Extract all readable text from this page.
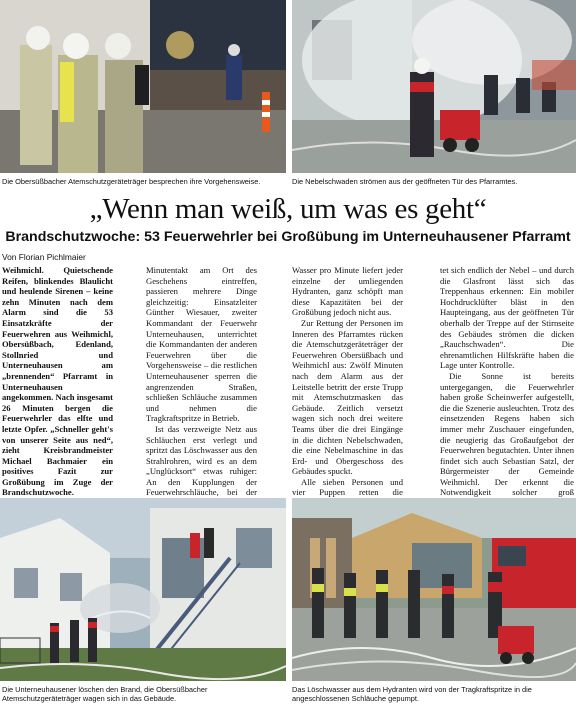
Die Obersüßbacher Atemschutzgeräteträger besprechen ihre Vorgehensweise.	Die Nebelschwaden strömen aus der geöffneten Tür des Pfarramtes.
„Wenn man weiß, um was es geht“
Brandschutzwoche: 53 Feuerwehrler bei Großübung im Unterneuhausener Pfarramt
Von Florian Pichlmaier

Weihmichl. Quietschende Reifen, blinkendes Blaulicht und heulende Sirenen – keine zehn Minuten nach dem Alarm sind die 53 Einsatzkräfte der Feuerwehren aus Weihmichl, Obersüßbach, Edenland, Stollnried und Unterneuhausen am „brennenden“ Pfarramt in Unterneuhausen angekommen. Nach insgesamt 26 Minuten bergen die Feuerwehrler das elfte und letzte Opfer. „Schneller geht's von unserer Seite aus ned“, zieht Kreisbrandmeister Michael Bachmaier ein positives Fazit zur Großübung im Zuge der Brandschutzwoche.

Minutentakt am Ort des Geschehens eintreffen, passieren mehrere Dinge gleichzeitig: Einsatzleiter Günther Wiesauer, zweiter Kommandant der Feuerwehr Unterneuhausen, unterrichtet die Kommandanten der anderen Feuerwehren über die Vorgehensweise – die restlichen Unterneuhausener sperren die angrenzenden Straßen, schließen Schläuche zusammen und nehmen die Tragkraftspritze in Betrieb.

Ist das verzweigte Netz aus Schläuchen erst verlegt und spritzt das Löschwasser aus den Strahlrohren, wird es an dem „Unglücksort“ etwas ruhiger: An den Kupplungen der Feuerwehrschläuche, bei der

Wasser pro Minute liefert jeder einzelne der umliegenden Hydranten, ganz schöpft man diese Kapazitäten bei der Großübung jedoch nicht aus.

Zur Rettung der Personen im Inneren des Pfarramtes rücken die Atemschutzgeräteträger der Feuerwehren Obersüßbach und Weihmichl aus: Zwölf Minuten nach dem Alarm aus der Leitstelle betritt der erste Trupp mit Atemschutzmasken das Gebäude. Zeitlich versetzt wagen sich noch drei weitere Teams über die drei Eingänge in die dichten Nebelschwaden, die eine Nebelmaschine in das Erd- und Obergeschoss des Gebäudes spuckt.

Alle sieben Personen und vier Puppen retten die

tet sich endlich der Nebel – und durch die Glasfront lässt sich das Treppenhaus erkennen: Ein mobiler Hochdrucklüfter bläst in den Haupteingang, aus der geöffneten Tür oberhalb der Treppe auf der Stirnseite des Gebäudes strömen die dicken „Rauchschwaden“. Die ehrenamtlichen Hilfskräfte haben die Lage unter Kontrolle.

Die Sonne ist bereits untergegangen, die Feuerwehrler haben große Scheinwerfer aufgestellt, die die Szenerie ausleuchten. Trotz des einsetzenden Regens haben sich immer mehr Zuschauer eingefunden, die neugierig das Großaufgebot der Feuerwehren begutachten. Unter ihnen findet sich auch Sebastian Satzl, der Bürgermeister der Gemeinde Weihmichl. Der erkennt die Notwendigkeit solcher groß

Die Unterneuhausener löschen den Brand, die Obersüßbacher Atemschutzgeräteträger wagen sich in das Gebäude.
Das Löschwasser aus dem Hydranten wird von der Tragkraftspritze in die angeschlossenen Schläuche gepumpt.
